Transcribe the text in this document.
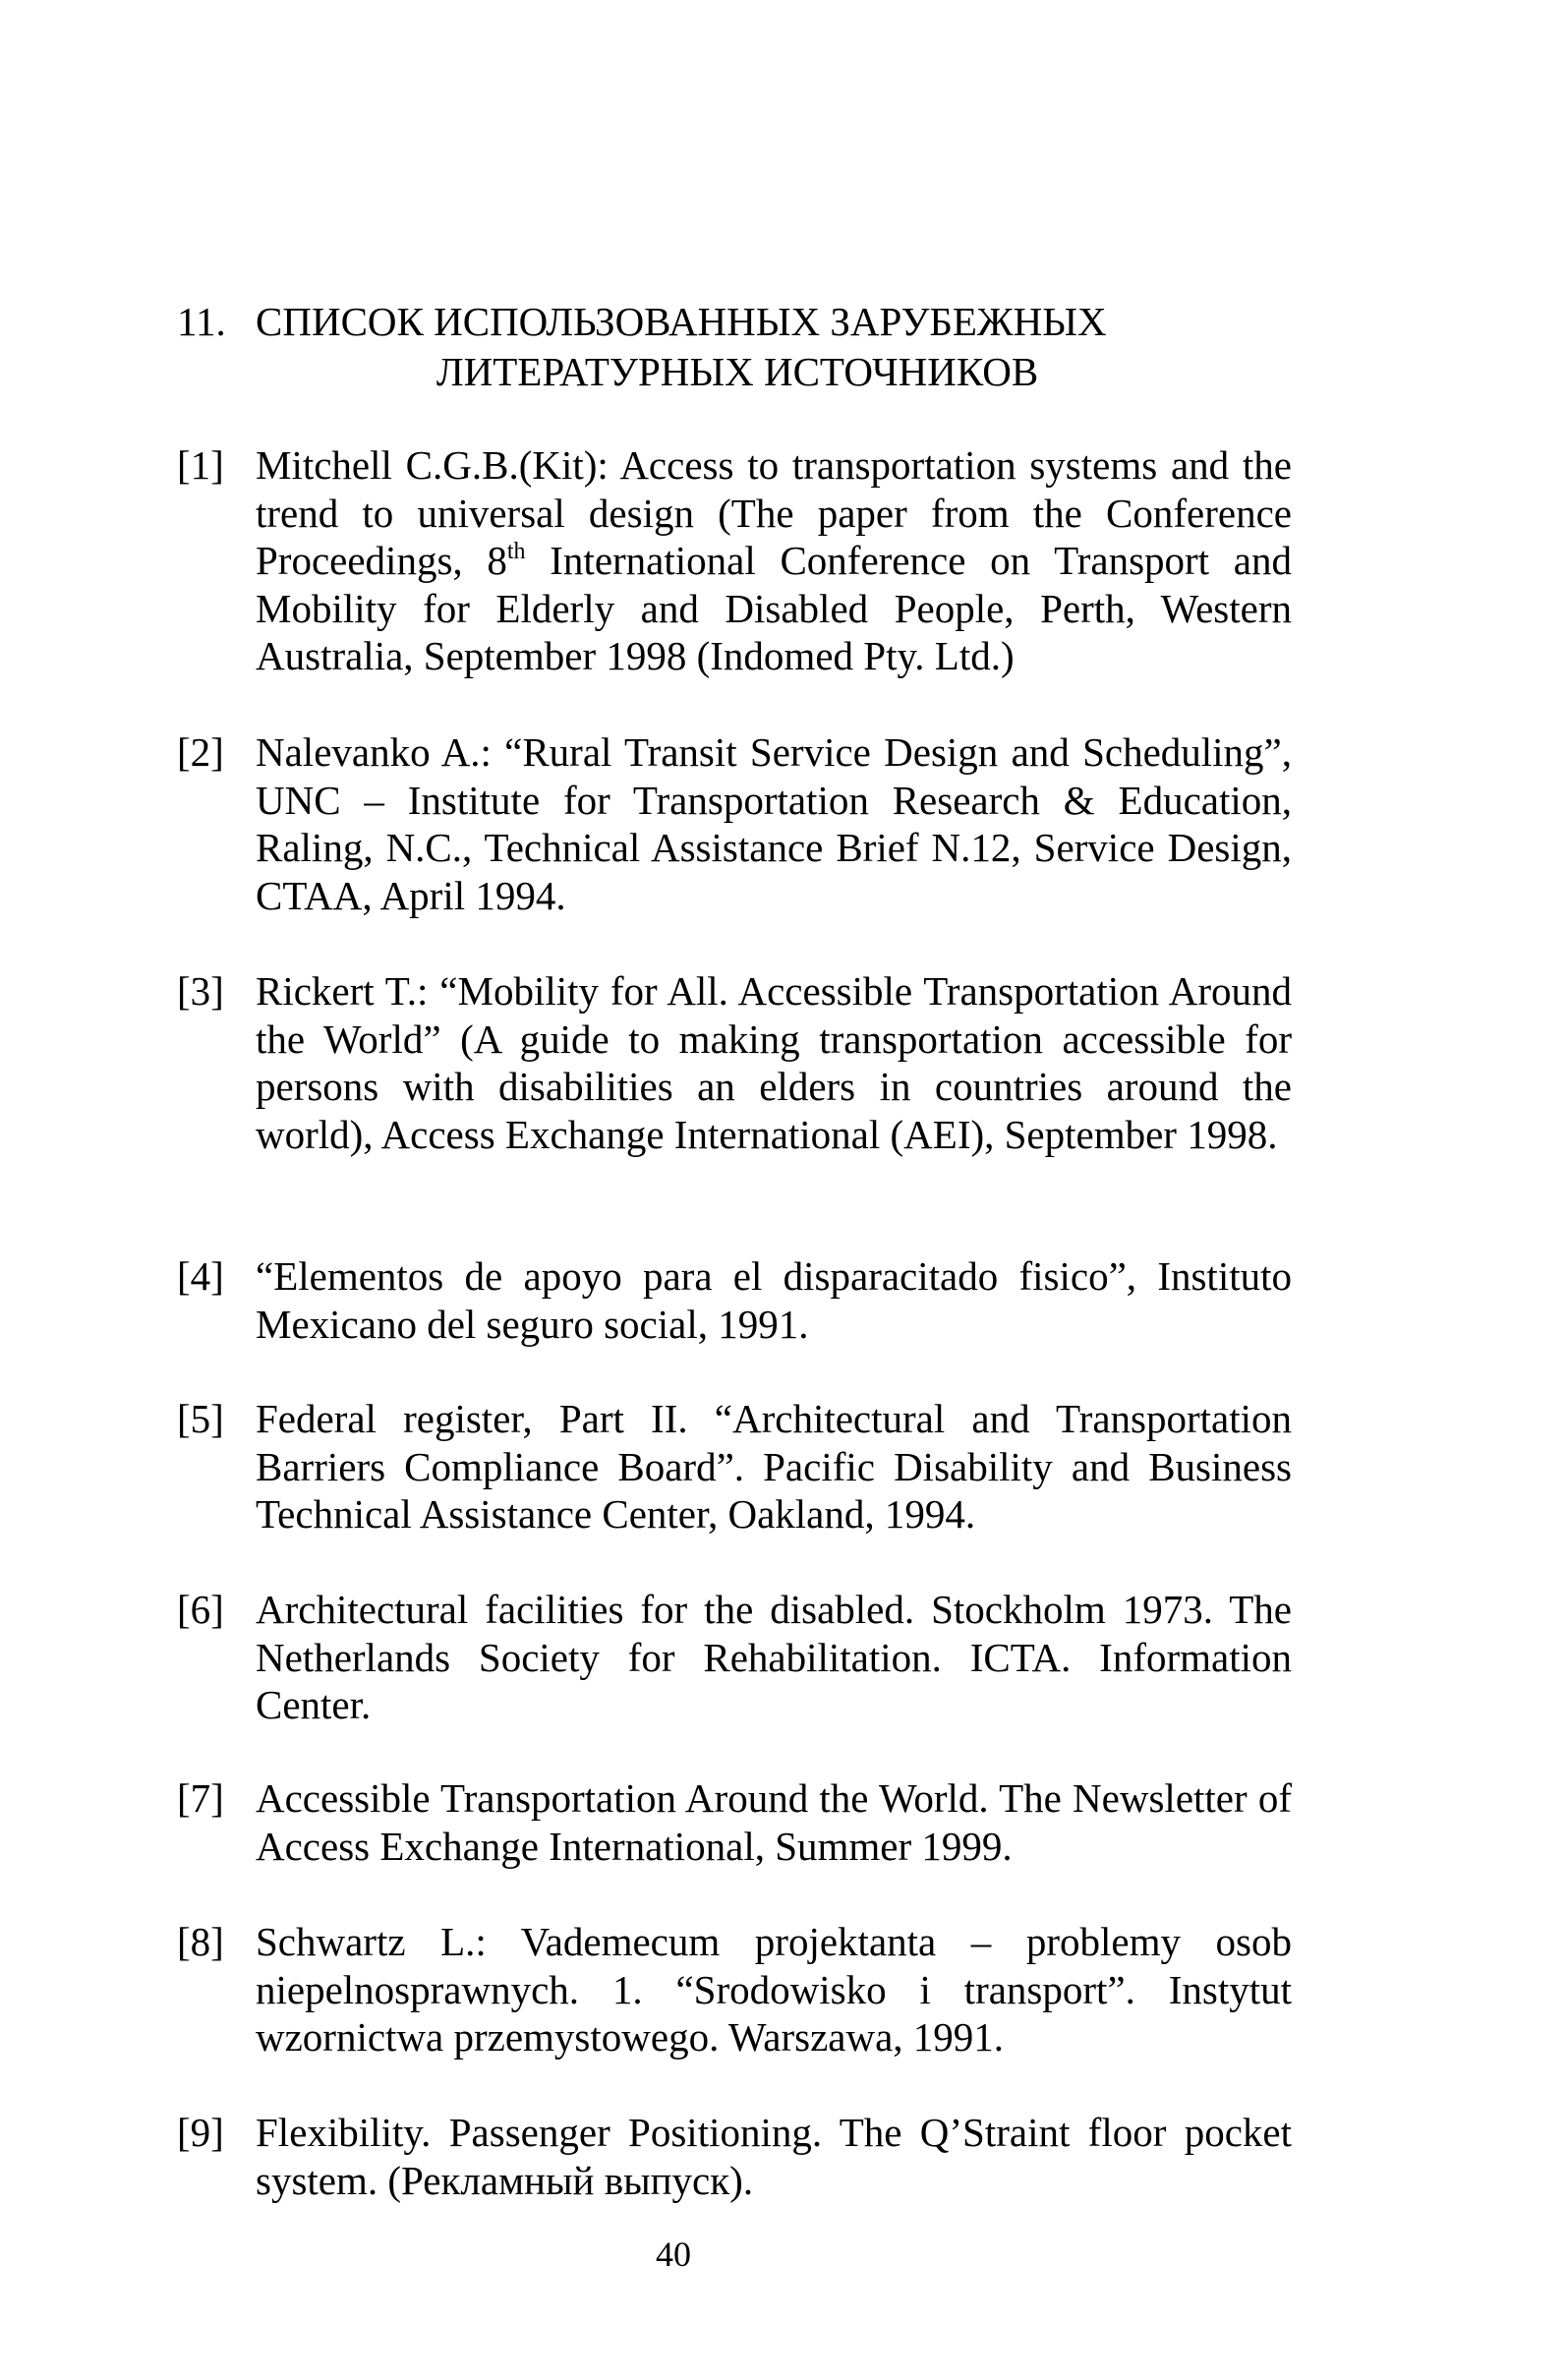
11. СПИСОК ИСПОЛЬЗОВАННЫХ ЗАРУБЕЖНЫХ
ЛИТЕРАТУРНЫХ ИСТОЧНИКОВ
[1] Mitchell C.G.B.(Kit): Access to transportation systems and the trend to universal design (The paper from the Conference Proceedings, 8th International Conference on Transport and Mobility for Elderly and Disabled People, Perth, Western Australia, September 1998 (Indomed Pty. Ltd.)
[2] Nalevanko A.: “Rural Transit Service Design and Scheduling”, UNC – Institute for Transportation Research & Education, Raling, N.C., Technical Assistance Brief N.12, Service Design, CTAA, April 1994.
[3] Rickert T.: “Mobility for All. Accessible Transportation Around the World” (A guide to making transportation accessible for persons with disabilities an elders in countries around the world), Access Exchange International (AEI), September 1998.
[4] “Elementos de apoyo para el disparacitado fisico”, Instituto Mexicano del seguro social, 1991.
[5] Federal register, Part II. “Architectural and Transportation Barriers Compliance Board”. Pacific Disability and Business Technical Assistance Center, Oakland, 1994.
[6] Architectural facilities for the disabled. Stockholm 1973. The Netherlands Society for Rehabilitation. ICTA. Information Center.
[7] Accessible Transportation Around the World. The Newsletter of Access Exchange International, Summer 1999.
[8] Schwartz L.: Vademecum projektanta – problemy osob niepelnosprawnych. 1. “Srodowisko i transport”. Instytut wzornictwa przemystowego. Warszawa, 1991.
[9] Flexibility. Passenger Positioning. The Q’Straint floor pocket system. (Рекламный выпуск).
40
